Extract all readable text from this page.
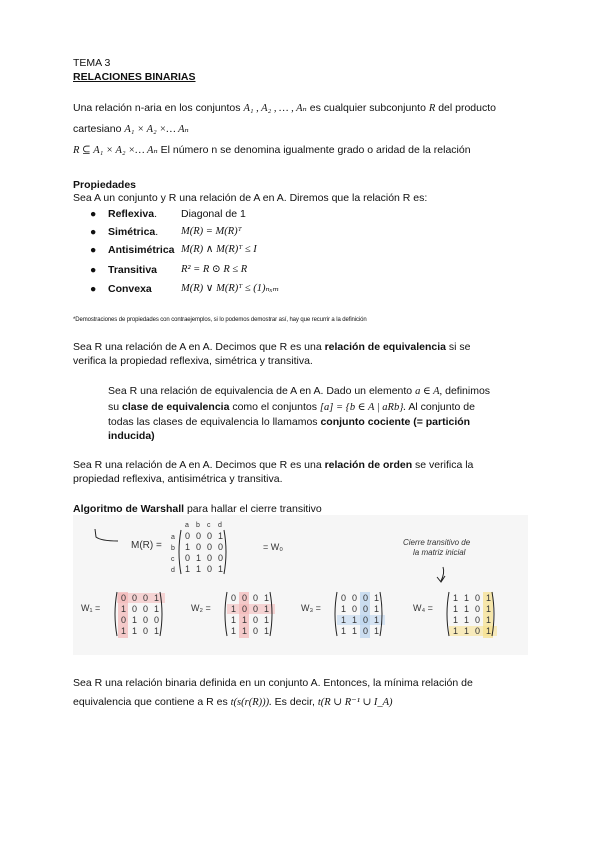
TEMA 3
RELACIONES BINARIAS
Una relación n-aria en los conjuntos A₁ , A₂ , … , Aₙ es cualquier subconjunto R del producto
cartesiano A₁ × A₂ ×… Aₙ
R ⊆ A₁ × A₂ ×… Aₙ El número n se denomina igualmente grado o aridad de la relación
Propiedades
Sea A un conjunto y R una relación de A en A. Diremos que la relación R es:
● Reflexiva. Diagonal de 1
● Simétrica. M(R) = M(R)ᵀ
● Antisimétrica M(R) ∧ M(R)ᵀ ≤ I
● Transitiva R² = R ⊙ R ≤ R
● Convexa	M(R) ∨ M(R)ᵀ ≤ (1)ₙₓₘ
*Demostraciones de propiedades con contraejemplos, si lo podemos demostrar así, hay que recurrir a la definición
Sea R una relación de A en A. Decimos que R es una relación de equivalencia si se
verifica la propiedad reflexiva, simétrica y transitiva.
Sea R una relación de equivalencia de A en A. Dado un elemento a ∈ A, definimos
su clase de equivalencia como el conjuntos [a] = {b ∈ A | aRb}. Al conjunto de
todas las clases de equivalencia lo llamamos conjunto cociente (= partición
inducida)
Sea R una relación de A en A. Decimos que R es una relación de orden se verifica la
propiedad reflexiva, antisimétrica y transitiva.
Algoritmo de Warshall para hallar el cierre transitivo
M(R) =
a b c d
a
b
c
d
0 0 0 1
1 0 0 0
0 1 0 0
1 1 0 1
= W₀	Cierre transitivo de
la matriz inicial
W₁ =
0 0 0 1
1 0 0 1
0 1 0 0
1 1 0 1
W₂ =
0 0 0 1
1 0 0 1
1 1 0 1
1 1 0 1
W₃ =
0 0 0 1
1 0 0 1
1 1 0 1
1 1 0 1
W₄ =
1 1 0 1
1 1 0 1
1 1 0 1
1 1 0 1
Sea R una relación binaria definida en un conjunto A. Entonces, la mínima relación de
equivalencia que contiene a R es t(s(r(R))). Es decir, t(R ∪ R⁻¹ ∪ I_A)
